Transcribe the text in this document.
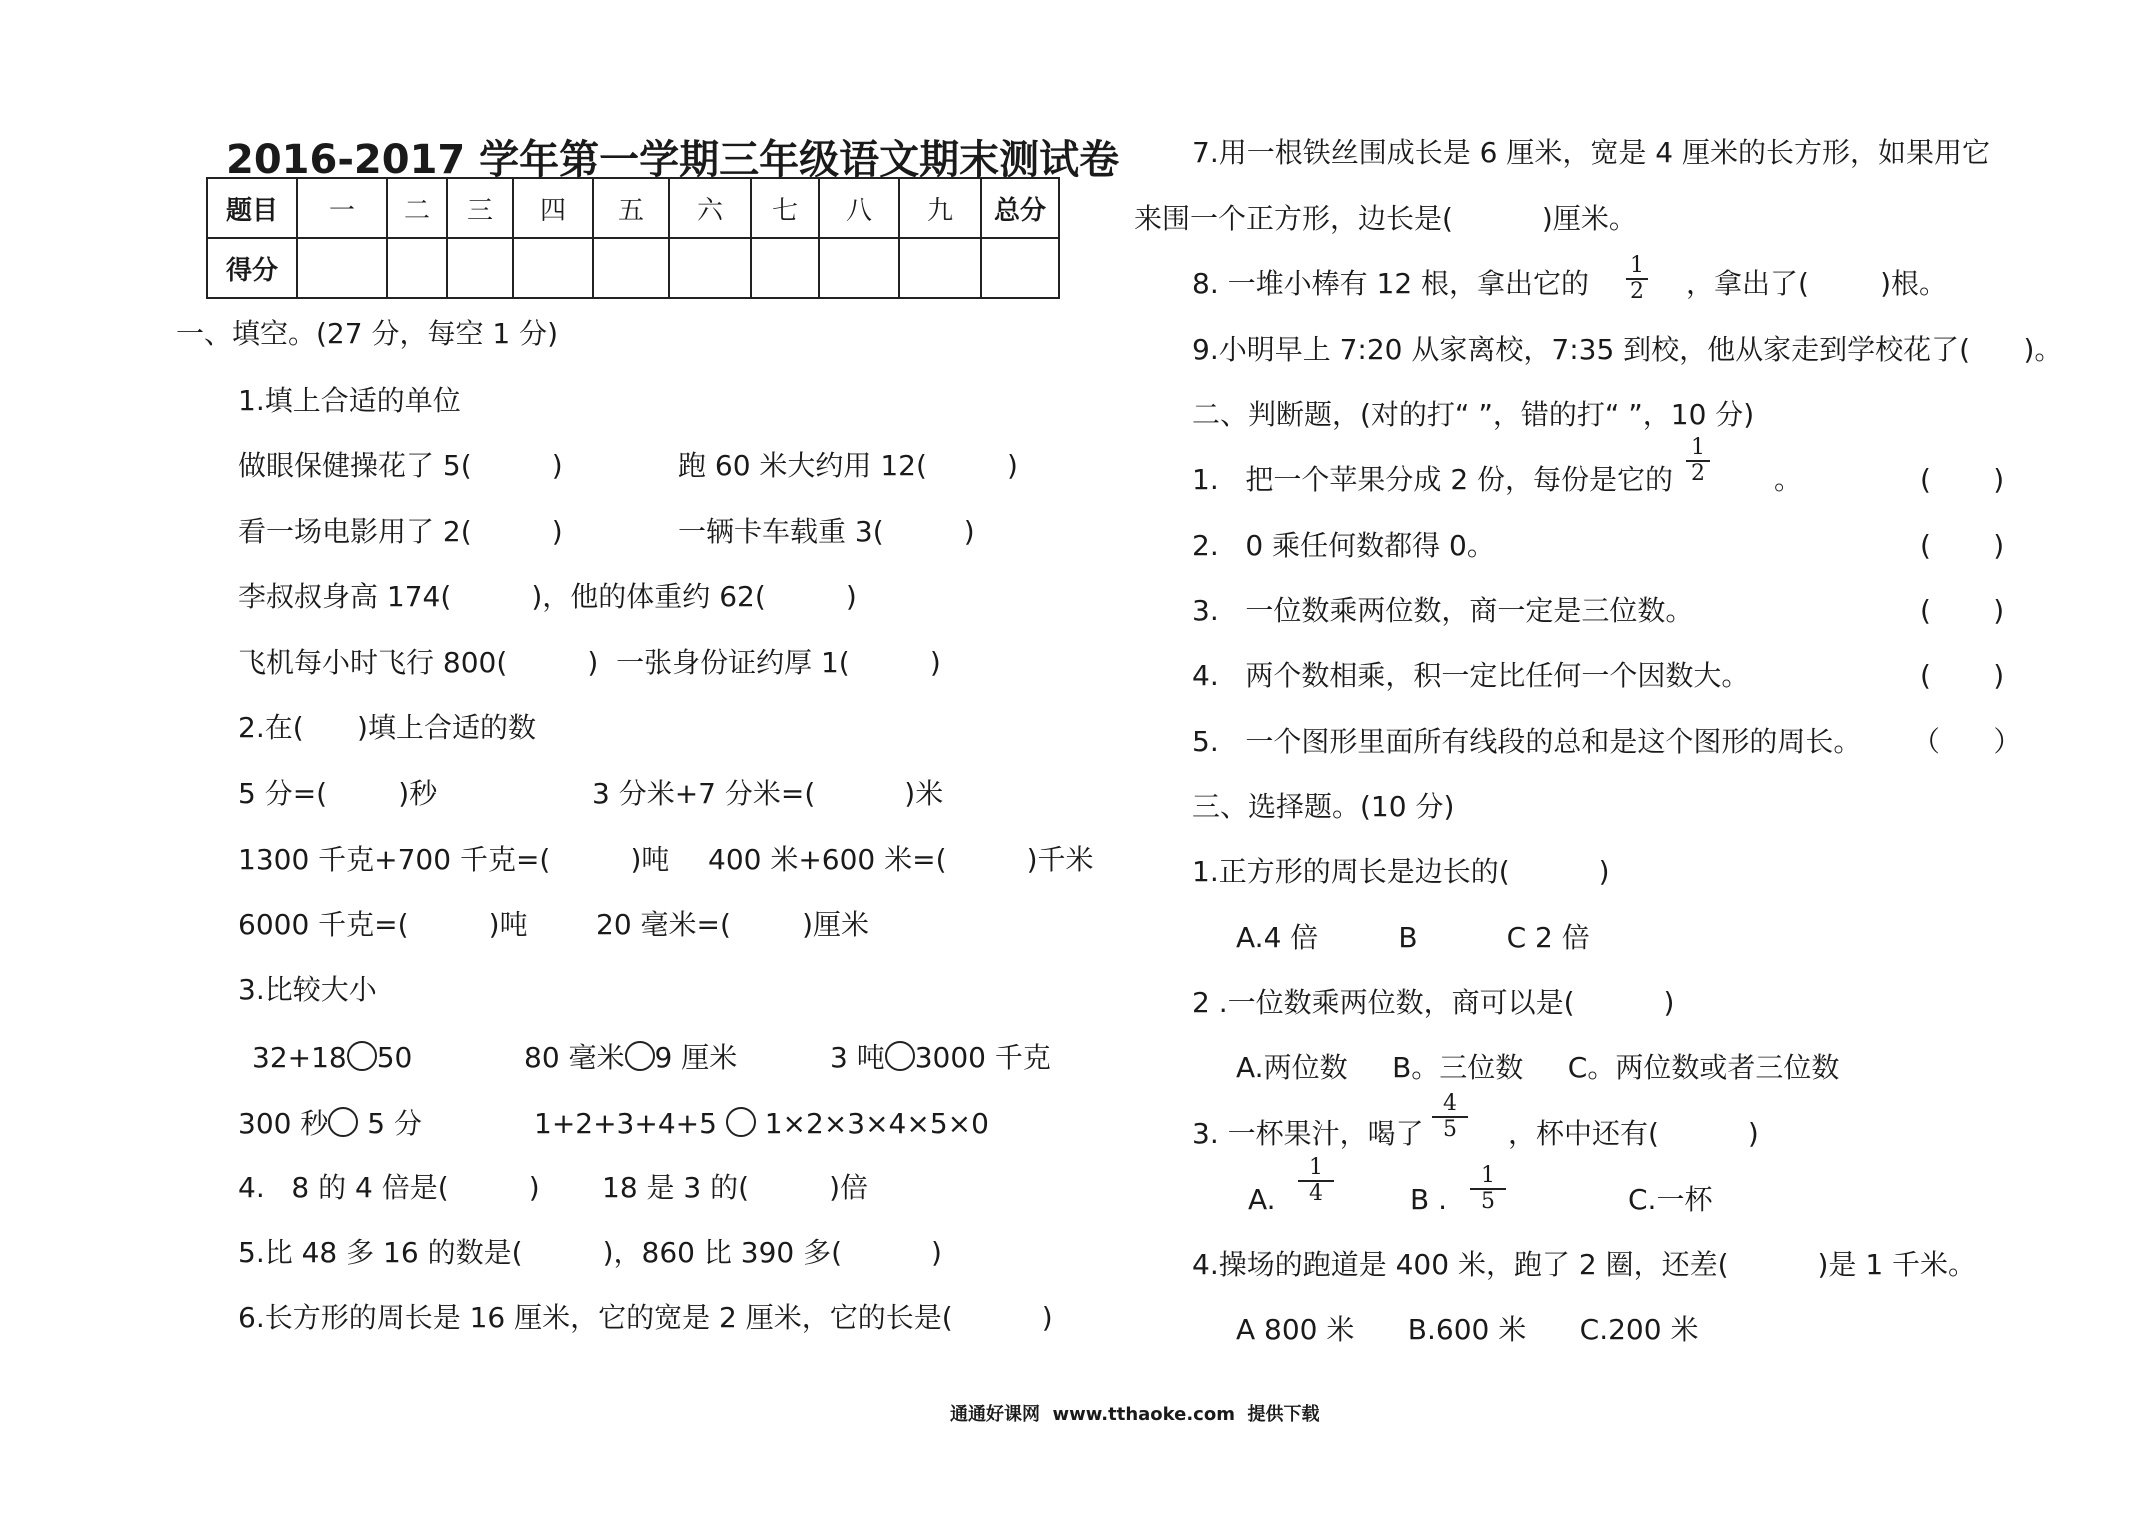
2016-2017 学年第一学期三年级语文期末测试卷
题目	一	二	三	四	五	六	七	八	九	总分
得分										
一、填空。(27 分，每空 1 分)
1.填上合适的单位
做眼保健操花了 5(         )	跑 60 米大约用 12(         )
看一场电影用了 2(         )	一辆卡车载重 3(         )
李叔叔身高 174(         )，他的体重约 62(         )
飞机每小时飞行 800(         )  一张身份证约厚 1(         )
2.在(      )填上合适的数
5 分=(        )秒	3 分米+7 分米=(          )米
1300 千克+700 千克=(         )吨 400 米+600 米=(         )千米
6000 千克=(         )吨 20 毫米=(        )厘米
3.比较大小
32+18 50	80 毫米 9 厘米	3 吨 3000 千克
300 秒 5 分	1+2+3+4+5  1×2×3×4×5×0
4.   8 的 4 倍是(         ) 18 是 3 的(         )倍
5.比 48 多 16 的数是(         )，860 比 390 多(          )
6.长方形的周长是 16 厘米，它的宽是 2 厘米，它的长是(          )
7.用一根铁丝围成长是 6 厘米，宽是 4 厘米的长方形，如果用它
来围一个正方形，边长是(          )厘米。
8. 一堆小棒有 12 根，拿出它的
1
2 ，拿出了(        )根。
9.小明早上 7:20 从家离校，7:35 到校，他从家走到学校花了(      )。
二、判断题，(对的打“ ”，错的打“ ”，10 分)
1.   把一个苹果分成 2 份，每份是它的
1
2 。	(       )
2.   0 乘任何数都得 0。	(       )
3.   一位数乘两位数，商一定是三位数。	(       )
4.   两个数相乘，积一定比任何一个因数大。	(       )
5.   一个图形里面所有线段的总和是这个图形的周长。 （      ）
三、选择题。(10 分)
1.正方形的周长是边长的(          )
A.4 倍         B          C 2 倍
2 .一位数乘两位数，商可以是(          )
A.两位数     B。三位数     C。两位数或者三位数
3. 一杯果汁，喝了
4
5	，杯中还有(          )
A.
1
4	B .
1
5	C.一杯
4.操场的跑道是 400 米，跑了 2 圈，还差(          )是 1 千米。
A 800 米      B.600 米      C.200 米
通通好课网  www.tthaoke.com  提供下载
